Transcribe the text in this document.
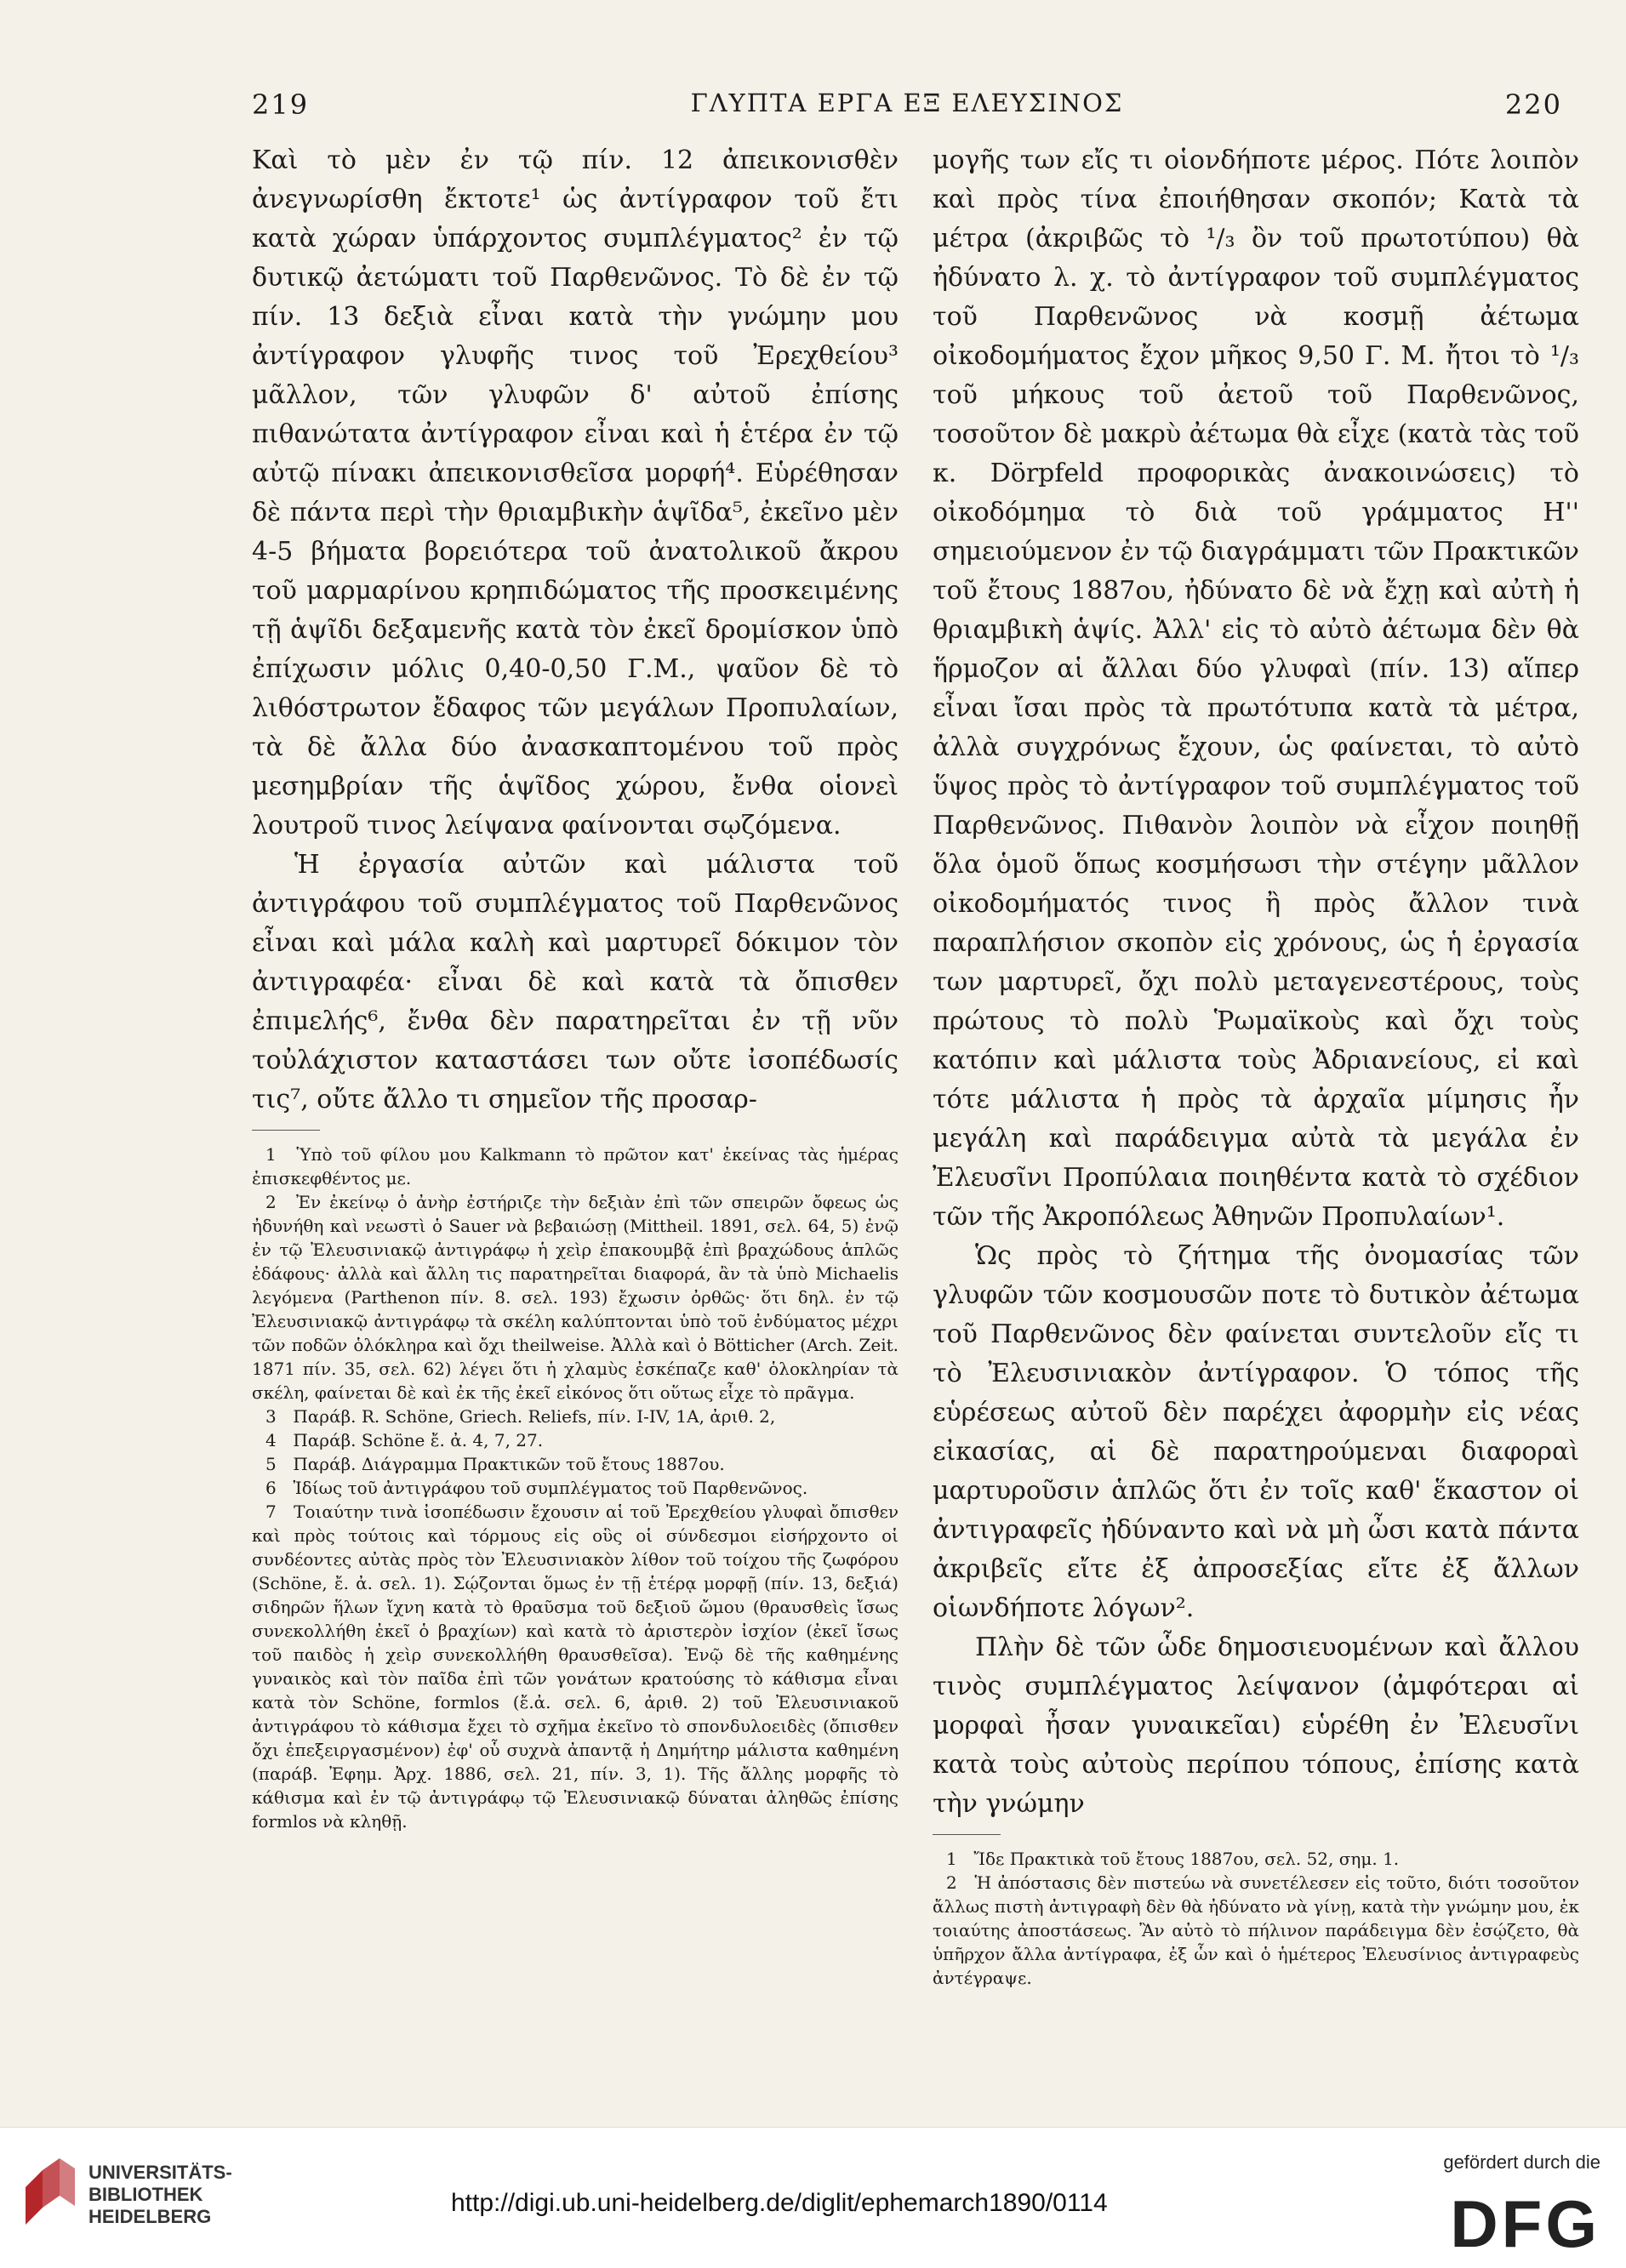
219	ΓΛΥΠΤΑ ΕΡΓΑ ΕΞ ΕΛΕΥΣΙΝΟΣ	220

Καὶ τὸ μὲν ἐν τῷ πίν. 12 ἀπεικονισθὲν ἀνεγνωρίσθη ἔκτοτε¹ ὡς ἀντίγραφον τοῦ ἔτι κατὰ χώραν ὑπάρχοντος συμπλέγματος² ἐν τῷ δυτικῷ ἀετώματι τοῦ Παρθενῶνος. Τὸ δὲ ἐν τῷ πίν. 13 δεξιὰ εἶναι κατὰ τὴν γνώμην μου ἀντίγραφον γλυφῆς τινος τοῦ Ἐρεχθείου³ μᾶλλον, τῶν γλυφῶν δ' αὐτοῦ ἐπίσης πιθανώτατα ἀντίγραφον εἶναι καὶ ἡ ἑτέρα ἐν τῷ αὐτῷ πίνακι ἀπεικονισθεῖσα μορφή⁴. Εὑρέθησαν δὲ πάντα περὶ τὴν θριαμβικὴν ἁψῖδα⁵, ἐκεῖνο μὲν 4-5 βήματα βορειότερα τοῦ ἀνατολικοῦ ἄκρου τοῦ μαρμαρίνου κρηπιδώματος τῆς προσκειμένης τῇ ἁψῖδι δεξαμενῆς κατὰ τὸν ἐκεῖ δρομίσκον ὑπὸ ἐπίχωσιν μόλις 0,40-0,50 Γ.Μ., ψαῦον δὲ τὸ λιθόστρωτον ἔδαφος τῶν μεγάλων Προπυλαίων, τὰ δὲ ἄλλα δύο ἀνασκαπτομένου τοῦ πρὸς μεσημβρίαν τῆς ἁψῖδος χώρου, ἔνθα οἱονεὶ λουτροῦ τινος λείψανα φαίνονται σῳζόμενα.

Ἡ ἐργασία αὐτῶν καὶ μάλιστα τοῦ ἀντιγράφου τοῦ συμπλέγματος τοῦ Παρθενῶνος εἶναι καὶ μάλα καλὴ καὶ μαρτυρεῖ δόκιμον τὸν ἀντιγραφέα· εἶναι δὲ καὶ κατὰ τὰ ὄπισθεν ἐπιμελής⁶, ἔνθα δὲν παρατηρεῖται ἐν τῇ νῦν τοὐλάχιστον καταστάσει των οὔτε ἰσοπέδωσίς τις⁷, οὔτε ἄλλο τι σημεῖον τῆς προσαρ-

1 Ὑπὸ τοῦ φίλου μου Kalkmann τὸ πρῶτον κατ' ἐκείνας τὰς ἡμέρας ἐπισκεφθέντος με.

2 Ἐν ἐκείνῳ ὁ ἀνὴρ ἐστήριζε τὴν δεξιὰν ἐπὶ τῶν σπειρῶν ὄφεως ὡς ἠδυνήθη καὶ νεωστὶ ὁ Sauer νὰ βεβαιώσῃ (Mittheil. 1891, σελ. 64, 5) ἐνῷ ἐν τῷ Ἐλευσινιακῷ ἀντιγράφῳ ἡ χεὶρ ἐπακουμβᾷ ἐπὶ βραχώδους ἁπλῶς ἐδάφους· ἀλλὰ καὶ ἄλλη τις παρατηρεῖται διαφορά, ἂν τὰ ὑπὸ Michaelis λεγόμενα (Parthenon πίν. 8. σελ. 193) ἔχωσιν ὀρθῶς· ὅτι δηλ. ἐν τῷ Ἐλευσινιακῷ ἀντιγράφῳ τὰ σκέλη καλύπτονται ὑπὸ τοῦ ἐνδύματος μέχρι τῶν ποδῶν ὁλόκληρα καὶ ὄχι theilweise. Ἀλλὰ καὶ ὁ Bötticher (Arch. Zeit. 1871 πίν. 35, σελ. 62) λέγει ὅτι ἡ χλαμὺς ἐσκέπαζε καθ' ὁλοκληρίαν τὰ σκέλη, φαίνεται δὲ καὶ ἐκ τῆς ἐκεῖ εἰκόνος ὅτι οὕτως εἶχε τὸ πρᾶγμα.

3 Παράβ. R. Schöne, Griech. Reliefs, πίν. I-IV, 1A, ἀριθ. 2,

4 Παράβ. Schöne ἔ. ἀ. 4, 7, 27.

5 Παράβ. Διάγραμμα Πρακτικῶν τοῦ ἔτους 1887ου.

6 Ἰδίως τοῦ ἀντιγράφου τοῦ συμπλέγματος τοῦ Παρθενῶνος.

7 Τοιαύτην τινὰ ἰσοπέδωσιν ἔχουσιν αἱ τοῦ Ἐρεχθείου γλυφαὶ ὄπισθεν καὶ πρὸς τούτοις καὶ τόρμους εἰς οὓς οἱ σύνδεσμοι εἰσήρχοντο οἱ συνδέοντες αὐτὰς πρὸς τὸν Ἐλευσινιακὸν λίθον τοῦ τοίχου τῆς ζωφόρου (Schöne, ἔ. ἀ. σελ. 1). Σῴζονται ὅμως ἐν τῇ ἑτέρᾳ μορφῇ (πίν. 13, δεξιά) σιδηρῶν ἥλων ἴχνη κατὰ τὸ θραῦσμα τοῦ δεξιοῦ ὤμου (θραυσθεὶς ἴσως συνεκολλήθη ἐκεῖ ὁ βραχίων) καὶ κατὰ τὸ ἀριστερὸν ἰσχίον (ἐκεῖ ἴσως τοῦ παιδὸς ἡ χεὶρ συνεκολλήθη θραυσθεῖσα). Ἐνῷ δὲ τῆς καθημένης γυναικὸς καὶ τὸν παῖδα ἐπὶ τῶν γονάτων κρατούσης τὸ κάθισμα εἶναι κατὰ τὸν Schöne, formlos (ἔ.ἀ. σελ. 6, ἀριθ. 2) τοῦ Ἐλευσινιακοῦ ἀντιγράφου τὸ κάθισμα ἔχει τὸ σχῆμα ἐκεῖνο τὸ σπονδυλοειδὲς (ὄπισθεν ὄχι ἐπεξειργασμένον) ἐφ' οὗ συχνὰ ἀπαντᾷ ἡ Δημήτηρ μάλιστα καθημένη (παράβ. Ἐφημ. Ἀρχ. 1886, σελ. 21, πίν. 3, 1). Τῆς ἄλλης μορφῆς τὸ κάθισμα καὶ ἐν τῷ ἀντιγράφῳ τῷ Ἐλευσινιακῷ δύναται ἀληθῶς ἐπίσης formlos νὰ κληθῇ.

μογῆς των εἴς τι οἱονδήποτε μέρος. Πότε λοιπὸν καὶ πρὸς τίνα ἐποιήθησαν σκοπόν; Κατὰ τὰ μέτρα (ἀκριβῶς τὸ ¹/₃ ὂν τοῦ πρωτοτύπου) θὰ ἠδύνατο λ. χ. τὸ ἀντίγραφον τοῦ συμπλέγματος τοῦ Παρθενῶνος νὰ κοσμῇ ἀέτωμα οἰκοδομήματος ἔχον μῆκος 9,50 Γ. Μ. ἤτοι τὸ ¹/₃ τοῦ μήκους τοῦ ἀετοῦ τοῦ Παρθενῶνος, τοσοῦτον δὲ μακρὺ ἀέτωμα θὰ εἶχε (κατὰ τὰς τοῦ κ. Dörpfeld προφορικὰς ἀνακοινώσεις) τὸ οἰκοδόμημα τὸ διὰ τοῦ γράμματος H'' σημειούμενον ἐν τῷ διαγράμματι τῶν Πρακτικῶν τοῦ ἔτους 1887ου, ἠδύνατο δὲ νὰ ἔχῃ καὶ αὐτὴ ἡ θριαμβικὴ ἁψίς. Ἀλλ' εἰς τὸ αὐτὸ ἀέτωμα δὲν θὰ ἥρμοζον αἱ ἄλλαι δύο γλυφαὶ (πίν. 13) αἵπερ εἶναι ἴσαι πρὸς τὰ πρωτότυπα κατὰ τὰ μέτρα, ἀλλὰ συγχρόνως ἔχουν, ὡς φαίνεται, τὸ αὐτὸ ὕψος πρὸς τὸ ἀντίγραφον τοῦ συμπλέγματος τοῦ Παρθενῶνος. Πιθανὸν λοιπὸν νὰ εἶχον ποιηθῇ ὅλα ὁμοῦ ὅπως κοσμήσωσι τὴν στέγην μᾶλλον οἰκοδομήματός τινος ἢ πρὸς ἄλλον τινὰ παραπλήσιον σκοπὸν εἰς χρόνους, ὡς ἡ ἐργασία των μαρτυρεῖ, ὄχι πολὺ μεταγενεστέρους, τοὺς πρώτους τὸ πολὺ Ῥωμαϊκοὺς καὶ ὄχι τοὺς κατόπιν καὶ μάλιστα τοὺς Ἀδριανείους, εἰ καὶ τότε μάλιστα ἡ πρὸς τὰ ἀρχαῖα μίμησις ἦν μεγάλη καὶ παράδειγμα αὐτὰ τὰ μεγάλα ἐν Ἐλευσῖνι Προπύλαια ποιηθέντα κατὰ τὸ σχέδιον τῶν τῆς Ἀκροπόλεως Ἀθηνῶν Προπυλαίων¹.

Ὡς πρὸς τὸ ζήτημα τῆς ὀνομασίας τῶν γλυφῶν τῶν κοσμουσῶν ποτε τὸ δυτικὸν ἀέτωμα τοῦ Παρθενῶνος δὲν φαίνεται συντελοῦν εἴς τι τὸ Ἐλευσινιακὸν ἀντίγραφον. Ὁ τόπος τῆς εὑρέσεως αὐτοῦ δὲν παρέχει ἀφορμὴν εἰς νέας εἰκασίας, αἱ δὲ παρατηρούμεναι διαφοραὶ μαρτυροῦσιν ἁπλῶς ὅτι ἐν τοῖς καθ' ἕκαστον οἱ ἀντιγραφεῖς ἠδύναντο καὶ νὰ μὴ ὦσι κατὰ πάντα ἀκριβεῖς εἴτε ἐξ ἀπροσεξίας εἴτε ἐξ ἄλλων οἱωνδήποτε λόγων².

Πλὴν δὲ τῶν ὧδε δημοσιευομένων καὶ ἄλλου τινὸς συμπλέγματος λείψανον (ἀμφότεραι αἱ μορφαὶ ἦσαν γυναικεῖαι) εὑρέθη ἐν Ἐλευσῖνι κατὰ τοὺς αὐτοὺς περίπου τόπους, ἐπίσης κατὰ τὴν γνώμην

1 Ἴδε Πρακτικὰ τοῦ ἔτους 1887ου, σελ. 52, σημ. 1.

2 Ἡ ἀπόστασις δὲν πιστεύω νὰ συνετέλεσεν εἰς τοῦτο, διότι τοσοῦτον ἄλλως πιστὴ ἀντιγραφὴ δὲν θὰ ἠδύνατο νὰ γίνῃ, κατὰ τὴν γνώμην μου, ἐκ τοιαύτης ἀποστάσεως. Ἂν αὐτὸ τὸ πήλινον παράδειγμα δὲν ἐσῴζετο, θὰ ὑπῆρχον ἄλλα ἀντίγραφα, ἐξ ὧν καὶ ὁ ἡμέτερος Ἐλευσίνιος ἀντιγραφεὺς ἀντέγραψε.

UNIVERSITÄTS-
BIBLIOTHEK
HEIDELBERG	http://digi.ub.uni-heidelberg.de/diglit/ephemarch1890/0114
gefördert durch die
DFG
